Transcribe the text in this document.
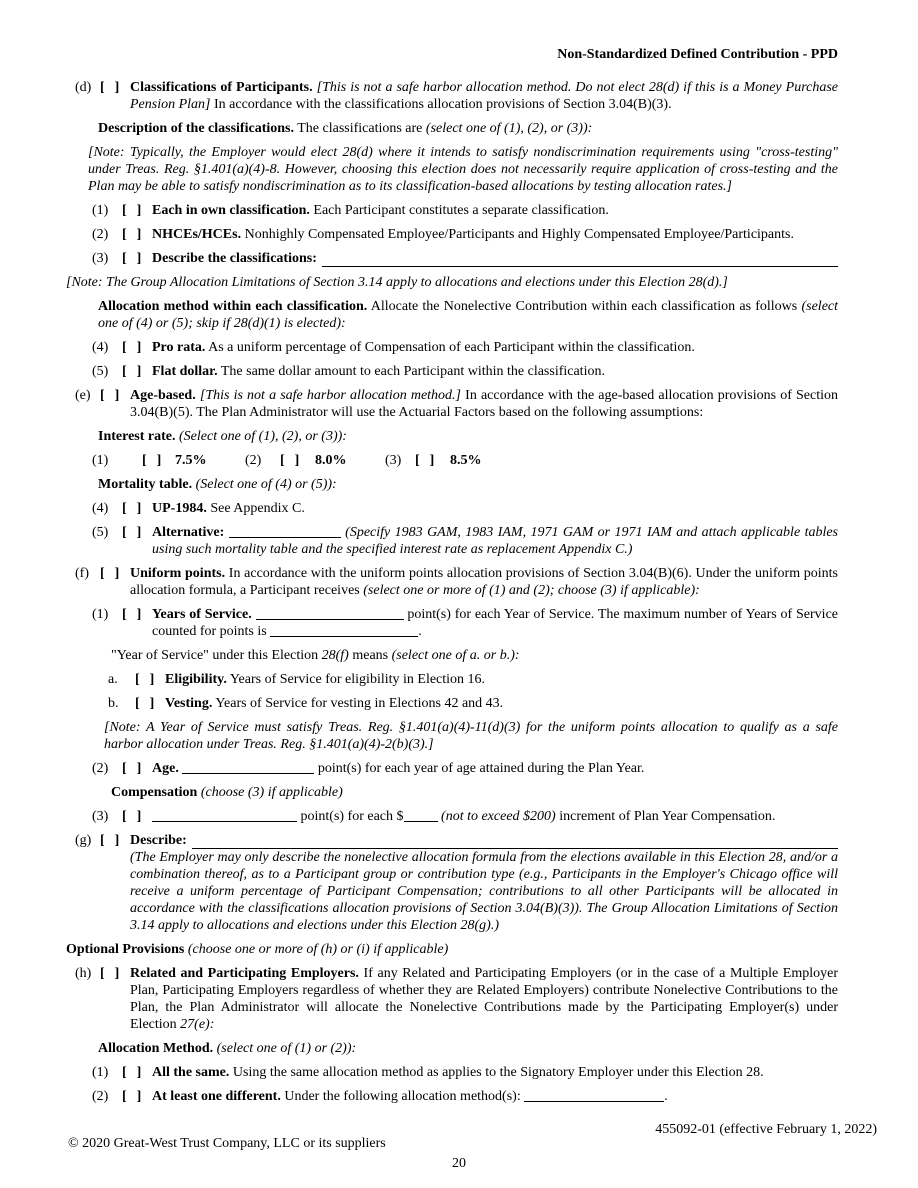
Non-Standardized Defined Contribution - PPD
(d) [  ] Classifications of Participants. [This is not a safe harbor allocation method. Do not elect 28(d) if this is a Money Purchase Pension Plan] In accordance with the classifications allocation provisions of Section 3.04(B)(3).
Description of the classifications. The classifications are (select one of (1), (2), or (3)):
[Note: Typically, the Employer would elect 28(d) where it intends to satisfy nondiscrimination requirements using "cross-testing" under Treas. Reg. §1.401(a)(4)-8. However, choosing this election does not necessarily require application of cross-testing and the Plan may be able to satisfy nondiscrimination as to its classification-based allocations by testing allocation rates.]
(1) [  ] Each in own classification. Each Participant constitutes a separate classification.
(2) [  ] NHCEs/HCEs. Nonhighly Compensated Employee/Participants and Highly Compensated Employee/Participants.
(3) [  ] Describe the classifications:
[Note: The Group Allocation Limitations of Section 3.14 apply to allocations and elections under this Election 28(d).]
Allocation method within each classification. Allocate the Nonelective Contribution within each classification as follows (select one of (4) or (5); skip if 28(d)(1) is elected):
(4) [  ] Pro rata. As a uniform percentage of Compensation of each Participant within the classification.
(5) [  ] Flat dollar. The same dollar amount to each Participant within the classification.
(e) [  ] Age-based. [This is not a safe harbor allocation method.] In accordance with the age-based allocation provisions of Section 3.04(B)(5). The Plan Administrator will use the Actuarial Factors based on the following assumptions:
Interest rate. (Select one of (1), (2), or (3)):
(1)	[  ] 7.5%	(2)	[  ]	8.0%	(3) [  ]	8.5%
Mortality table. (Select one of (4) or (5)):
(4) [  ] UP-1984. See Appendix C.
(5) [  ] Alternative:	(Specify 1983 GAM, 1983 IAM, 1971 GAM or 1971 IAM and attach applicable tables using such mortality table and the specified interest rate as replacement Appendix C.)
(f) [  ] Uniform points. In accordance with the uniform points allocation provisions of Section 3.04(B)(6). Under the uniform points allocation formula, a Participant receives (select one or more of (1) and (2); choose (3) if applicable):
(1) [  ] Years of Service.	point(s) for each Year of Service. The maximum number of Years of Service counted for points is	.
"Year of Service" under this Election 28(f) means (select one of a. or b.):
a.	[  ] Eligibility. Years of Service for eligibility in Election 16.
b.	[  ] Vesting. Years of Service for vesting in Elections 42 and 43.
[Note: A Year of Service must satisfy Treas. Reg. §1.401(a)(4)-11(d)(3) for the uniform points allocation to qualify as a safe harbor allocation under Treas. Reg. §1.401(a)(4)-2(b)(3).]
(2) [  ] Age.	point(s) for each year of age attained during the Plan Year.
Compensation (choose (3) if applicable)
(3) [  ]	point(s) for each $	(not to exceed $200) increment of Plan Year Compensation.
(g) [  ] Describe:
(The Employer may only describe the nonelective allocation formula from the elections available in this Election 28, and/or a combination thereof, as to a Participant group or contribution type (e.g., Participants in the Employer's Chicago office will receive a uniform percentage of Participant Compensation; contributions to all other Participants will be allocated in accordance with the classifications allocation provisions of Section 3.04(B)(3)). The Group Allocation Limitations of Section 3.14 apply to allocations and elections under this Election 28(g).)
Optional Provisions (choose one or more of (h) or (i) if applicable)
(h) [  ] Related and Participating Employers. If any Related and Participating Employers (or in the case of a Multiple Employer Plan, Participating Employers regardless of whether they are Related Employers) contribute Nonelective Contributions to the Plan, the Plan Administrator will allocate the Nonelective Contributions made by the Participating Employer(s) under Election 27(e):
Allocation Method. (select one of (1) or (2)):
(1) [  ] All the same. Using the same allocation method as applies to the Signatory Employer under this Election 28.
(2) [  ] At least one different. Under the following allocation method(s):	.
455092-01 (effective February 1, 2022)
© 2020 Great-West Trust Company, LLC or its suppliers
20
